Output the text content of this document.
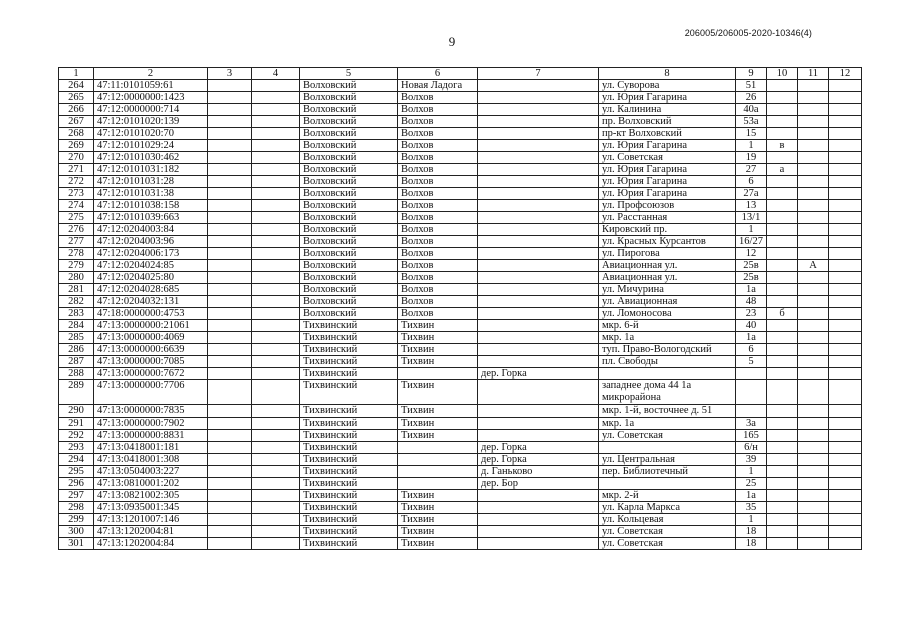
9
206005/206005-2020-10346(4)
1	2	3	4	5	6	7	8	9	10	11	12
264	47:11:0101059:61			Волховский	Новая Ладога		ул. Суворова	51			
265	47:12:0000000:1423			Волховский	Волхов		ул. Юрия Гагарина	26			
266	47:12:0000000:714			Волховский	Волхов		ул. Калинина	40а			
267	47:12:0101020:139			Волховский	Волхов		пр. Волховский	53а			
268	47:12:0101020:70			Волховский	Волхов		пр-кт Волховский	15			
269	47:12:0101029:24			Волховский	Волхов		ул. Юрия Гагарина	1	в		
270	47:12:0101030:462			Волховский	Волхов		ул. Советская	19			
271	47:12:0101031:182			Волховский	Волхов		ул. Юрия Гагарина	27	а		
272	47:12:0101031:28			Волховский	Волхов		ул. Юрия Гагарина	6			
273	47:12:0101031:38			Волховский	Волхов		ул. Юрия Гагарина	27а			
274	47:12:0101038:158			Волховский	Волхов		ул. Профсоюзов	13			
275	47:12:0101039:663			Волховский	Волхов		ул. Расстанная	13/1			
276	47:12:0204003:84			Волховский	Волхов		Кировский пр.	1			
277	47:12:0204003:96			Волховский	Волхов		ул. Красных Курсантов	16/27			
278	47:12:0204006:173			Волховский	Волхов		ул. Пирогова	12			
279	47:12:0204024:85			Волховский	Волхов		Авиационная ул.	25в		А	
280	47:12:0204025:80			Волховский	Волхов		Авиационная ул.	25в			
281	47:12:0204028:685			Волховский	Волхов		ул. Мичурина	1а			
282	47:12:0204032:131			Волховский	Волхов		ул. Авиационная	48			
283	47:18:0000000:4753			Волховский	Волхов		ул. Ломоносова	23	б		
284	47:13:0000000:21061			Тихвинский	Тихвин		мкр. 6-й	40			
285	47:13:0000000:4069			Тихвинский	Тихвин		мкр. 1а	1а			
286	47:13:0000000:6639			Тихвинский	Тихвин		туп. Право-Вологодский	6			
287	47:13:0000000:7085			Тихвинский	Тихвин		пл. Свободы	5			
288	47:13:0000000:7672			Тихвинский		дер. Горка					
289	47:13:0000000:7706			Тихвинский	Тихвин		западнее дома 44 1а микрорайона				
290	47:13:0000000:7835			Тихвинский	Тихвин		мкр. 1-й, восточнее д. 51				
291	47:13:0000000:7902			Тихвинский	Тихвин		мкр. 1а	3а			
292	47:13:0000000:8831			Тихвинский	Тихвин		ул. Советская	165			
293	47:13:0418001:181			Тихвинский		дер. Горка		6/н			
294	47:13:0418001:308			Тихвинский		дер. Горка	ул. Центральная	39			
295	47:13:0504003:227			Тихвинский		д. Ганьково	пер. Библиотечный	1			
296	47:13:0810001:202			Тихвинский		дер. Бор		25			
297	47:13:0821002:305			Тихвинский	Тихвин		мкр. 2-й	1а			
298	47:13:0935001:345			Тихвинский	Тихвин		ул. Карла Маркса	35			
299	47:13:1201007:146			Тихвинский	Тихвин		ул. Кольцевая	1			
300	47:13:1202004:81			Тихвинский	Тихвин		ул. Советская	18			
301	47:13:1202004:84			Тихвинский	Тихвин		ул. Советская	18			
